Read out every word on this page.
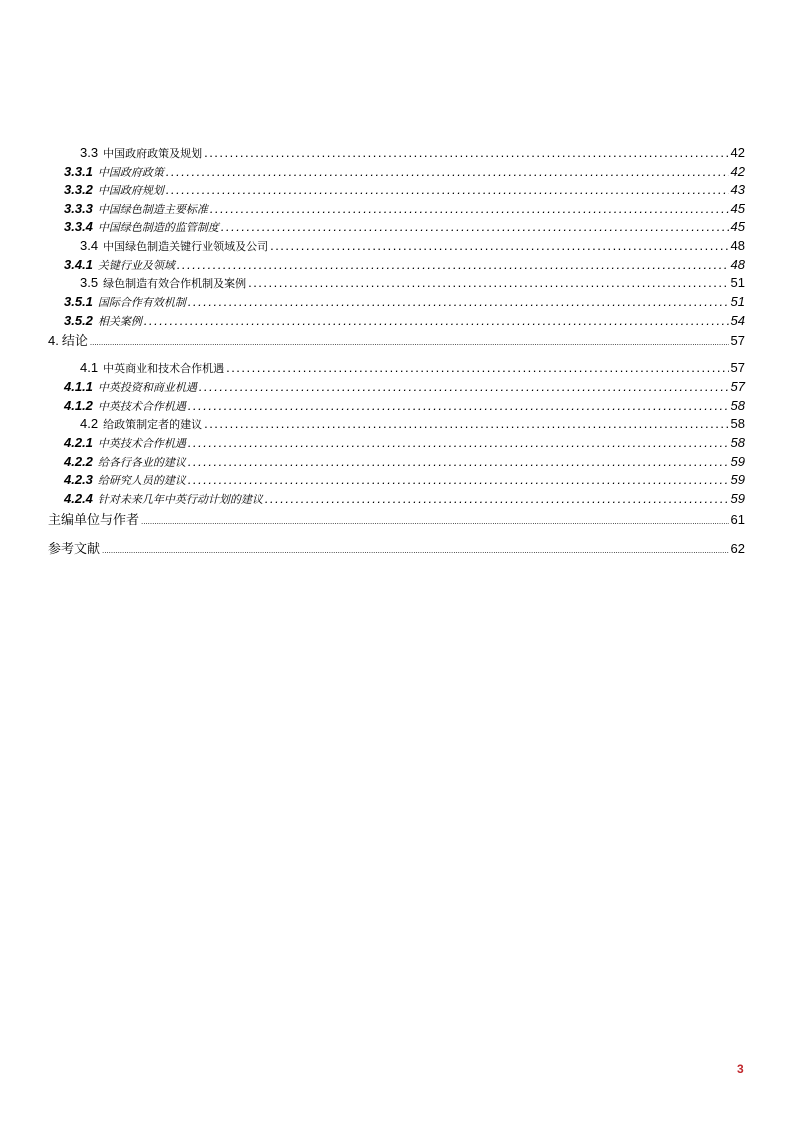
3.3 中国政府政策及规划 .....	42
3.3.1 中国政府政策 .....	42
3.3.2 中国政府规划 .....	43
3.3.3 中国绿色制造主要标准 .....	45
3.3.4 中国绿色制造的监管制度 .....	45
3.4 中国绿色制造关键行业领域及公司 .....	48
3.4.1 关键行业及领域 .....	48
3.5 绿色制造有效合作机制及案例 .....	51
3.5.1 国际合作有效机制 .....	51
3.5.2 相关案例 .....	54
4. 结论 .....	57
4.1 中英商业和技术合作机遇 .....	57
4.1.1 中英投资和商业机遇 .....	57
4.1.2 中英技术合作机遇 .....	58
4.2 给政策制定者的建议 .....	58
4.2.1 中英技术合作机遇 .....	58
4.2.2 给各行各业的建议 .....	59
4.2.3 给研究人员的建议 .....	59
4.2.4 针对未来几年中英行动计划的建议 .....	59
主编单位与作者 .....	61
参考文献 .....	62
3
